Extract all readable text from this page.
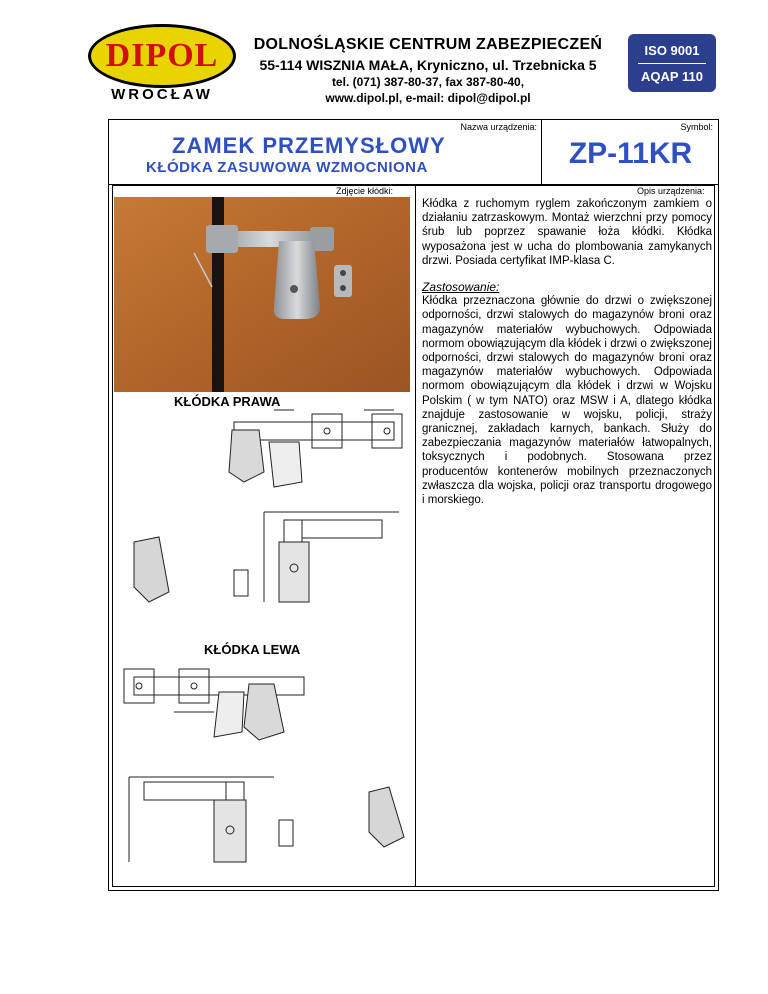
DIPOL
WROCŁAW
DOLNOŚLĄSKIE CENTRUM ZABEZPIECZEŃ
55-114 WISZNIA MAŁA, Kryniczno, ul. Trzebnicka 5
tel. (071) 387-80-37, fax 387-80-40,
www.dipol.pl, e-mail: dipol@dipol.pl
ISO 9001
AQAP 110
Nazwa urządzenia:
ZAMEK PRZEMYSŁOWY
KŁÓDKA ZASUWOWA WZMOCNIONA
Symbol:
ZP-11KR
Zdjęcie kłódki:	Opis urządzenia:
KŁÓDKA PRAWA
KŁÓDKA LEWA

Kłódka z ruchomym ryglem zakończonym zamkiem o działaniu zatrzaskowym. Montaż wierzchni przy pomocy śrub lub poprzez spawanie łoża kłódki. Kłódka wyposażona jest w ucha do plombowania zamykanych drzwi. Posiada certyfikat IMP-klasa C.

Zastosowanie:

Kłódka przeznaczona głównie do drzwi o zwiększonej odporności, drzwi stalowych do magazynów broni oraz magazynów materiałów wybuchowych. Odpowiada normom obowiązującym dla kłódek i drzwi o zwiększonej odporności, drzwi stalowych do magazynów broni oraz magazynów materiałów wybuchowych. Odpowiada normom obowiązującym dla kłódek i drzwi w Wojsku Polskim ( w tym NATO) oraz MSW i A, dlatego kłódka znajduje zastosowanie w wojsku, policji, straży granicznej, zakładach karnych, bankach. Służy do zabezpieczania magazynów materiałów łatwopalnych, toksycznych i podobnych. Stosowana przez producentów kontenerów mobilnych przeznaczonych zwłaszcza dla wojska, policji oraz transportu drogowego i morskiego.
